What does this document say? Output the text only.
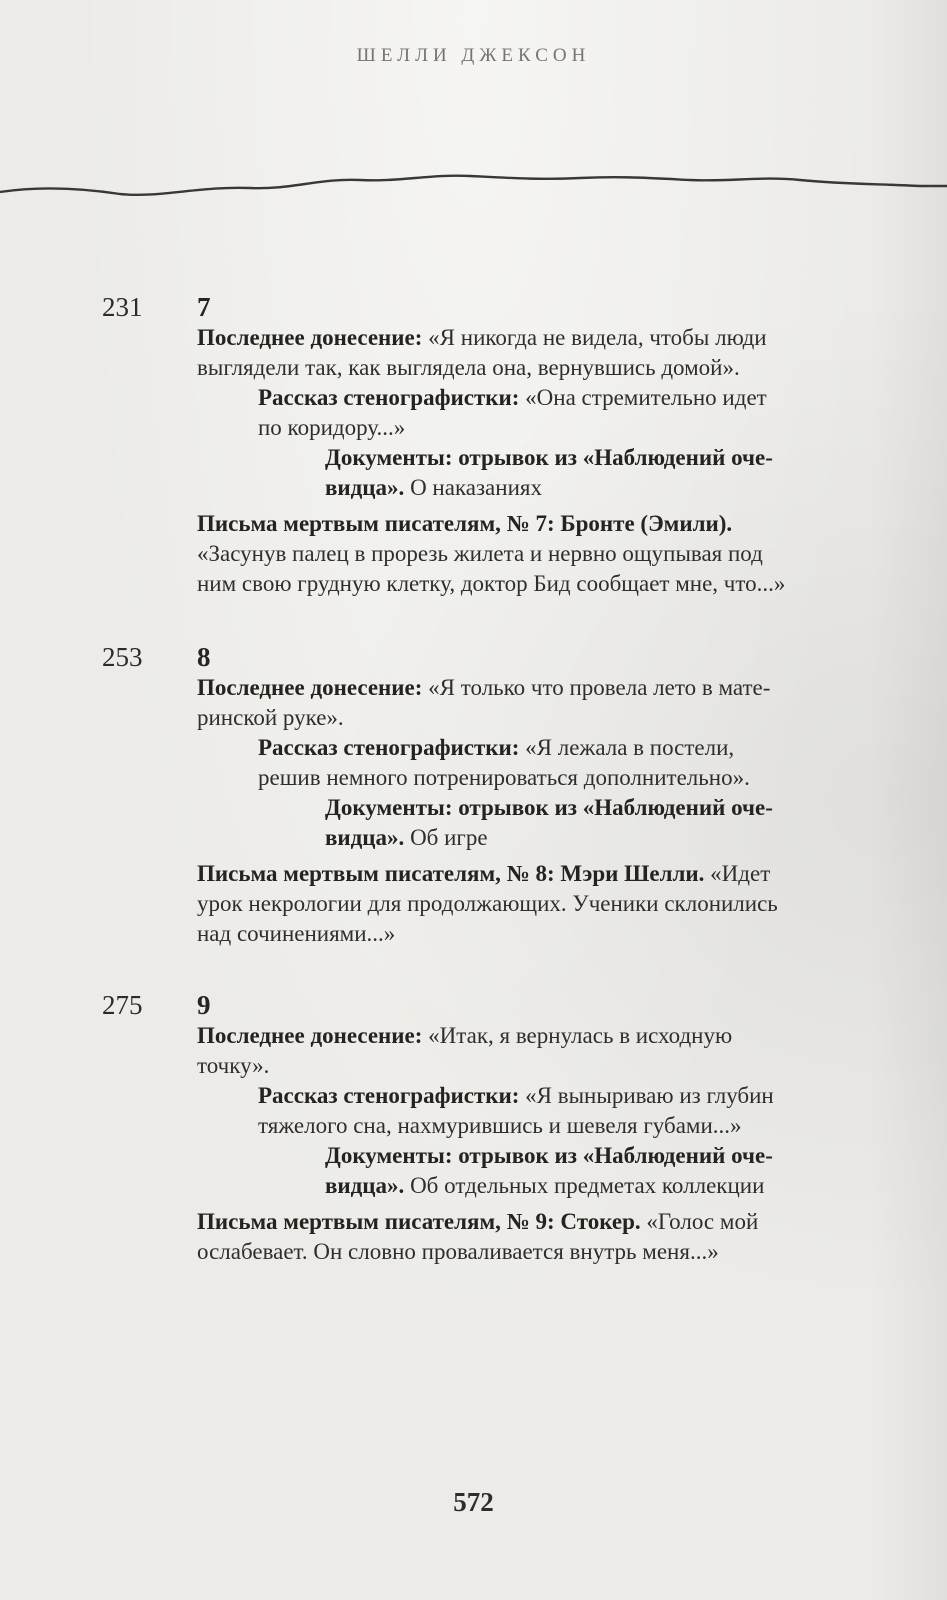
ШЕЛЛИ ДЖЕКСОН
231 7
Последнее донесение: «Я никогда не видела, чтобы люди
выглядели так, как выглядела она, вернувшись домой».
Рассказ стенографистки: «Она стремительно идет
по коридору...»
Документы: отрывок из «Наблюдений оче-
видца». О наказаниях
Письма мертвым писателям, № 7: Бронте (Эмили).
«Засунув палец в прорезь жилета и нервно ощупывая под
ним свою грудную клетку, доктор Бид сообщает мне, что...»
253 8
Последнее донесение: «Я только что провела лето в мате-
ринской руке».
Рассказ стенографистки: «Я лежала в постели,
решив немного потренироваться дополнительно».
Документы: отрывок из «Наблюдений оче-
видца». Об игре
Письма мертвым писателям, № 8: Мэри Шелли. «Идет
урок некрологии для продолжающих. Ученики склонились
над сочинениями...»
275 9
Последнее донесение: «Итак, я вернулась в исходную
точку».
Рассказ стенографистки: «Я выныриваю из глубин
тяжелого сна, нахмурившись и шевеля губами...»
Документы: отрывок из «Наблюдений оче-
видца». Об отдельных предметах коллекции
Письма мертвым писателям, № 9: Стокер. «Голос мой
ослабевает. Он словно проваливается внутрь меня...»
572
